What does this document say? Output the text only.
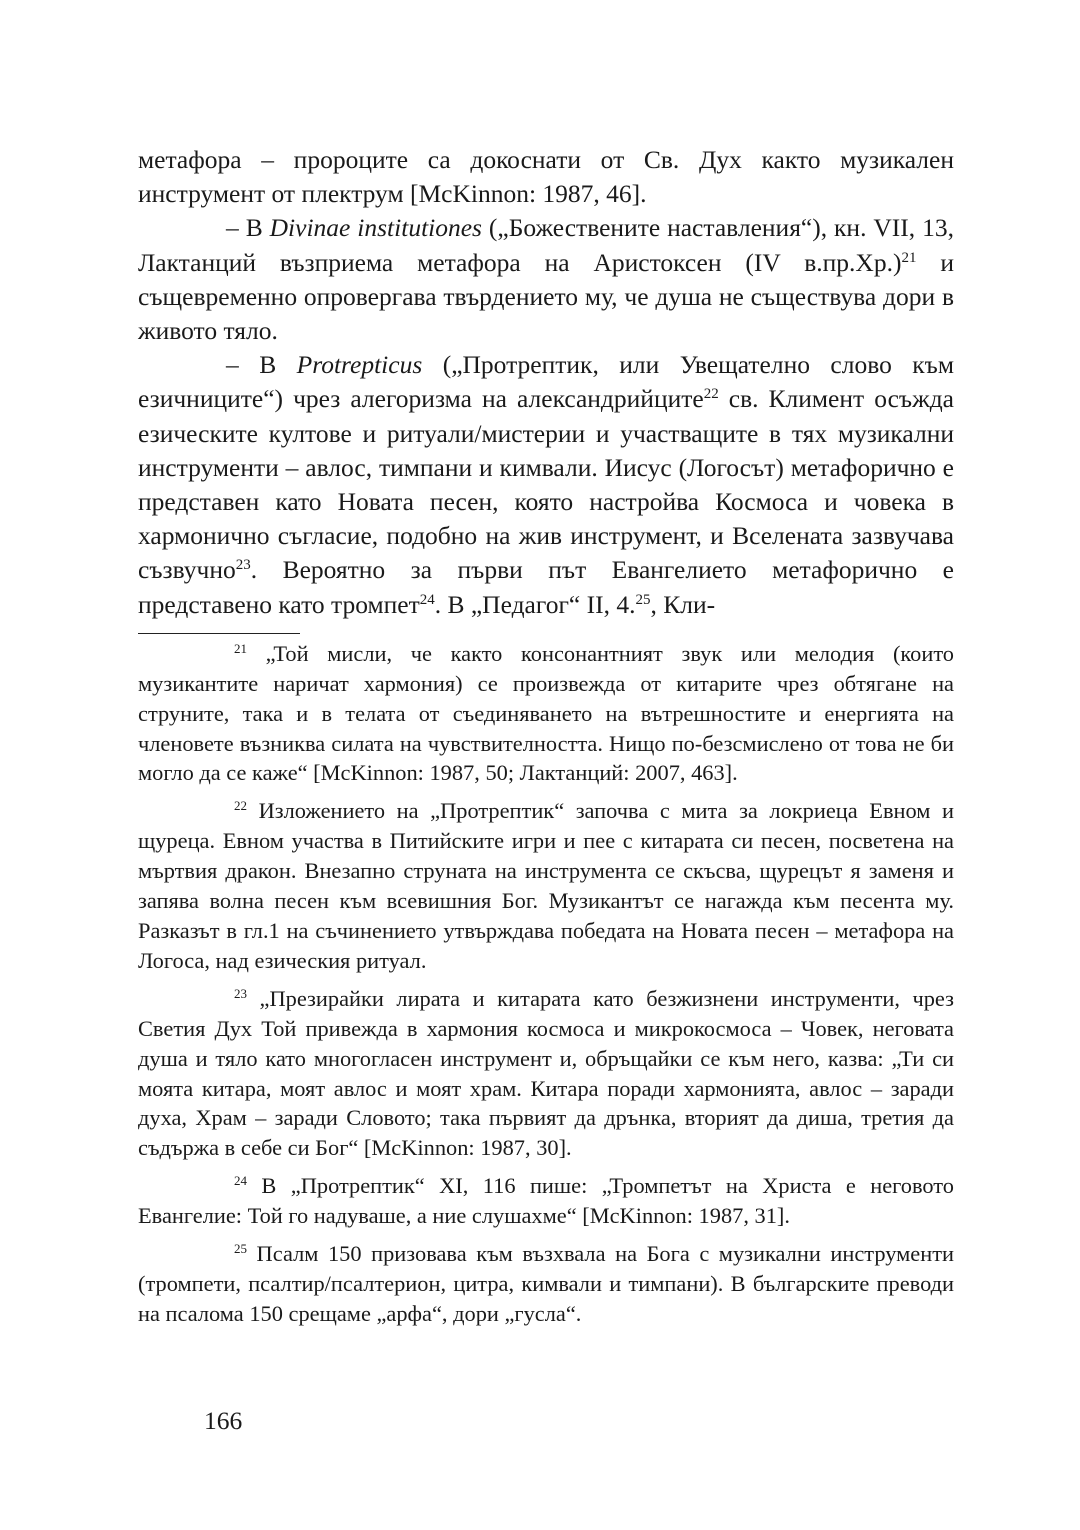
метафора – пророците са докоснати от Св. Дух както музикален инструмент от плектрум [McKinnon: 1987, 46].

– В Divinae institutiones („Божествените наставления“), кн. VII, 13, Лактанций възприема метафора на Аристоксен (IV в.пр.Хр.)$^{21}$ и същевременно опровергава твърдението му, че душа не съществува дори в живото тяло.

– В Protrepticus („Протрептик, или Увещателно слово към езичниците“) чрез алегоризма на александрийците$^{22}$ св. Климент осъжда езическите култове и ритуали/мистерии и участващите в тях музикални инструменти – авлос, тимпани и кимвали. Иисус (Логосът) метафорично е представен като Новата песен, която настройва Космоса и човека в хармонично съгласие, подобно на жив инструмент, и Вселената зазвучава съзвучно$^{23}$. Вероятно за първи път Евангелието метафорично е представено като тромпет$^{24}$. В „Педагог“ II, 4.25, Кли-

$^{21}$ „Той мисли, че както консонантният звук или мелодия (които музикантите наричат хармония) се произвежда от китарите чрез обтягане на струните, така и в телата от съединяването на вътрешностите и енергията на членовете възниква силата на чувствителността. Нищо по-безсмислено от това не би могло да се каже“ [McKinnon: 1987, 50; Лактанций: 2007, 463].

$^{22}$ Изложението на „Протрептик“ започва с мита за локриеца Евном и щуреца. Евном участва в Питийските игри и пее с китарата си песен, посветена на мъртвия дракон. Внезапно струната на инструмента се скъсва, щурецът я заменя и запява волна песен към всевишния Бог. Музикантът се нагажда към песента му. Разказът в гл.1 на съчинението утвърждава победата на Новата песен – метафора на Логоса, над езическия ритуал.

$^{23}$ „Презирайки лирата и китарата като безжизнени инструменти, чрез Светия Дух Той привежда в хармония космоса и микрокосмоса – Човек, неговата душа и тяло като многогласен инструмент и, обръщайки се към него, казва: „Ти си моята китара, моят авлос и моят храм. Китара поради хармонията, авлос – заради духа, Храм – заради Словото; така първият да дрънка, вторият да диша, третия да съдържа в себе си Бог“ [McKinnon: 1987, 30].

$^{24}$ В „Протрептик“ XI, 116 пише: „Тромпетът на Христа е неговото Евангелие: Той го надуваше, а ние слушахме“ [McKinnon: 1987, 31].

$^{25}$ Псалм 150 призовава към възхвала на Бога с музикални инструменти (тромпети, псалтир/псалтерион, цитра, кимвали и тимпани). В българските преводи на псалома 150 срещаме „арфа“, дори „гусла“.

166
